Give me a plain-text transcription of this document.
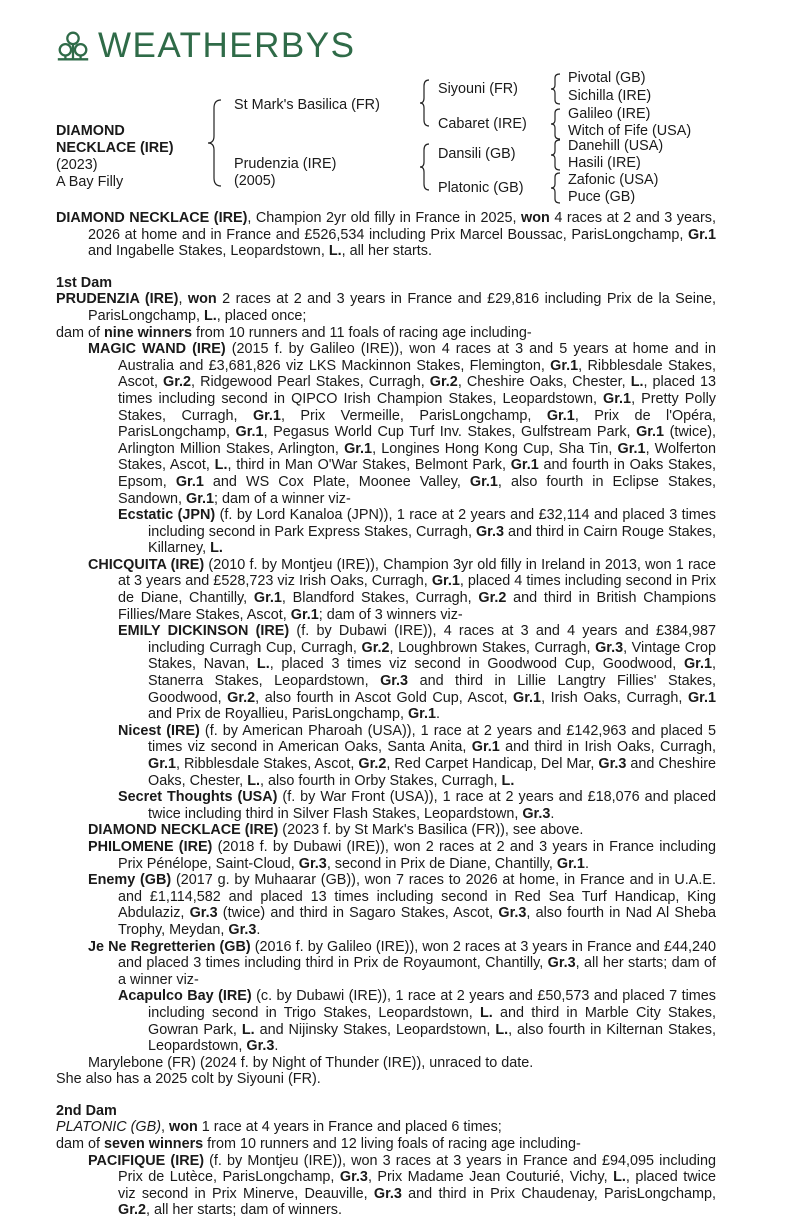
WEATHERBYS
DIAMOND
NECKLACE (IRE)
(2023)
A Bay Filly
St Mark's Basilica (FR)
Prudenzia (IRE)
(2005)
Siyouni (FR)
Cabaret (IRE)
Dansili (GB)
Platonic (GB)
Pivotal (GB)
Sichilla (IRE)
Galileo (IRE)
Witch of Fife (USA)
Danehill (USA)
Hasili (IRE)
Zafonic (USA)
Puce (GB)

DIAMOND NECKLACE (IRE), Champion 2yr old filly in France in 2025, won 4 races at 2 and 3 years, 2026 at home and in France and £526,534 including Prix Marcel Boussac, ParisLongchamp, Gr.1 and Ingabelle Stakes, Leopardstown, L., all her starts.

1st Dam

PRUDENZIA (IRE), won 2 races at 2 and 3 years in France and £29,816 including Prix de la Seine, ParisLongchamp, L., placed once;

dam of nine winners from 10 runners and 11 foals of racing age including-

MAGIC WAND (IRE) (2015 f. by Galileo (IRE)), won 4 races at 3 and 5 years at home and in Australia and £3,681,826 viz LKS Mackinnon Stakes, Flemington, Gr.1, Ribblesdale Stakes, Ascot, Gr.2, Ridgewood Pearl Stakes, Curragh, Gr.2, Cheshire Oaks, Chester, L., placed 13 times including second in QIPCO Irish Champion Stakes, Leopardstown, Gr.1, Pretty Polly Stakes, Curragh, Gr.1, Prix Vermeille, ParisLongchamp, Gr.1, Prix de l'Opéra, ParisLongchamp, Gr.1, Pegasus World Cup Turf Inv. Stakes, Gulfstream Park, Gr.1 (twice), Arlington Million Stakes, Arlington, Gr.1, Longines Hong Kong Cup, Sha Tin, Gr.1, Wolferton Stakes, Ascot, L., third in Man O'War Stakes, Belmont Park, Gr.1 and fourth in Oaks Stakes, Epsom, Gr.1 and WS Cox Plate, Moonee Valley, Gr.1, also fourth in Eclipse Stakes, Sandown, Gr.1; dam of a winner viz-

Ecstatic (JPN) (f. by Lord Kanaloa (JPN)), 1 race at 2 years and £32,114 and placed 3 times including second in Park Express Stakes, Curragh, Gr.3 and third in Cairn Rouge Stakes, Killarney, L.

CHICQUITA (IRE) (2010 f. by Montjeu (IRE)), Champion 3yr old filly in Ireland in 2013, won 1 race at 3 years and £528,723 viz Irish Oaks, Curragh, Gr.1, placed 4 times including second in Prix de Diane, Chantilly, Gr.1, Blandford Stakes, Curragh, Gr.2 and third in British Champions Fillies/Mare Stakes, Ascot, Gr.1; dam of 3 winners viz-

EMILY DICKINSON (IRE) (f. by Dubawi (IRE)), 4 races at 3 and 4 years and £384,987 including Curragh Cup, Curragh, Gr.2, Loughbrown Stakes, Curragh, Gr.3, Vintage Crop Stakes, Navan, L., placed 3 times viz second in Goodwood Cup, Goodwood, Gr.1, Stanerra Stakes, Leopardstown, Gr.3 and third in Lillie Langtry Fillies' Stakes, Goodwood, Gr.2, also fourth in Ascot Gold Cup, Ascot, Gr.1, Irish Oaks, Curragh, Gr.1 and Prix de Royallieu, ParisLongchamp, Gr.1.

Nicest (IRE) (f. by American Pharoah (USA)), 1 race at 2 years and £142,963 and placed 5 times viz second in American Oaks, Santa Anita, Gr.1 and third in Irish Oaks, Curragh, Gr.1, Ribblesdale Stakes, Ascot, Gr.2, Red Carpet Handicap, Del Mar, Gr.3 and Cheshire Oaks, Chester, L., also fourth in Orby Stakes, Curragh, L.

Secret Thoughts (USA) (f. by War Front (USA)), 1 race at 2 years and £18,076 and placed twice including third in Silver Flash Stakes, Leopardstown, Gr.3.

DIAMOND NECKLACE (IRE) (2023 f. by St Mark's Basilica (FR)), see above.

PHILOMENE (IRE) (2018 f. by Dubawi (IRE)), won 2 races at 2 and 3 years in France including Prix Pénélope, Saint-Cloud, Gr.3, second in Prix de Diane, Chantilly, Gr.1.

Enemy (GB) (2017 g. by Muhaarar (GB)), won 7 races to 2026 at home, in France and in U.A.E. and £1,114,582 and placed 13 times including second in Red Sea Turf Handicap, King Abdulaziz, Gr.3 (twice) and third in Sagaro Stakes, Ascot, Gr.3, also fourth in Nad Al Sheba Trophy, Meydan, Gr.3.

Je Ne Regretterien (GB) (2016 f. by Galileo (IRE)), won 2 races at 3 years in France and £44,240 and placed 3 times including third in Prix de Royaumont, Chantilly, Gr.3, all her starts; dam of a winner viz-

Acapulco Bay (IRE) (c. by Dubawi (IRE)), 1 race at 2 years and £50,573 and placed 7 times including second in Trigo Stakes, Leopardstown, L. and third in Marble City Stakes, Gowran Park, L. and Nijinsky Stakes, Leopardstown, L., also fourth in Kilternan Stakes, Leopardstown, Gr.3.

Marylebone (FR) (2024 f. by Night of Thunder (IRE)), unraced to date.

She also has a 2025 colt by Siyouni (FR).

2nd Dam

PLATONIC (GB), won 1 race at 4 years in France and placed 6 times;

dam of seven winners from 10 runners and 12 living foals of racing age including-

PACIFIQUE (IRE) (f. by Montjeu (IRE)), won 3 races at 3 years in France and £94,095 including Prix de Lutèce, ParisLongchamp, Gr.3, Prix Madame Jean Couturié, Vichy, L., placed twice viz second in Prix Minerve, Deauville, Gr.3 and third in Prix Chaudenay, ParisLongchamp, Gr.2, all her starts; dam of winners.
